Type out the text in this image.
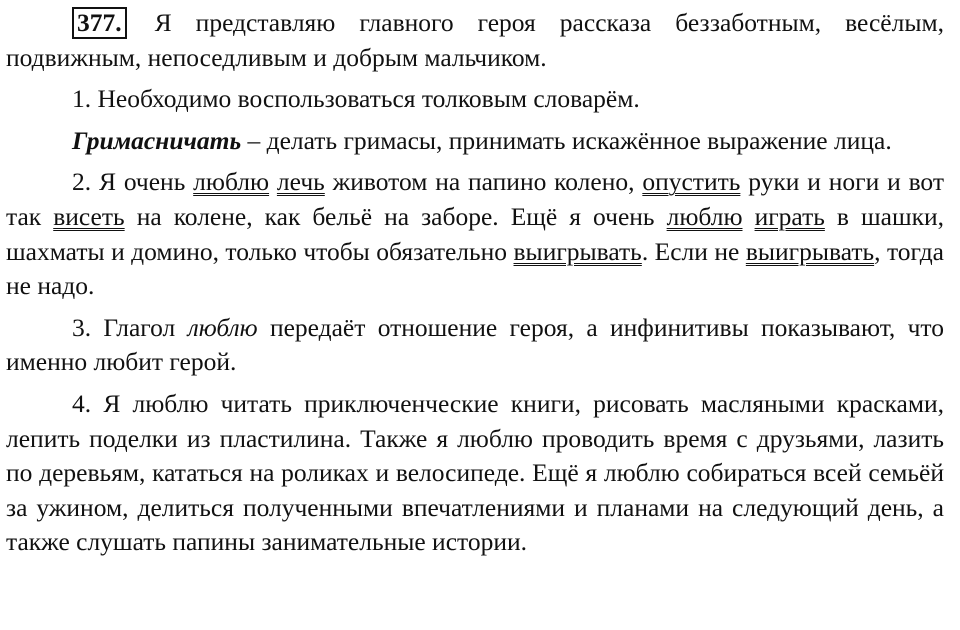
377. Я представляю главного героя рассказа беззаботным, весёлым, подвижным, непоседливым и добрым мальчиком.

1. Необходимо воспользоваться толковым словарём.

Гримасничать – делать гримасы, принимать искажённое выражение лица.

2. Я очень люблю лечь животом на папино колено, опустить руки и ноги и вот так висеть на колене, как бельё на заборе. Ещё я очень люблю играть в шашки, шахматы и домино, только чтобы обязательно выигрывать. Если не выигрывать, тогда не надо.

3. Глагол люблю передаёт отношение героя, а инфинитивы показывают, что именно любит герой.

4. Я люблю читать приключенческие книги, рисовать масляными красками, лепить поделки из пластилина. Также я люблю проводить время с друзьями, лазить по деревьям, кататься на роликах и велосипеде. Ещё я люблю собираться всей семьёй за ужином, делиться полученными впечатлениями и планами на следующий день, а также слушать папины занимательные истории.
